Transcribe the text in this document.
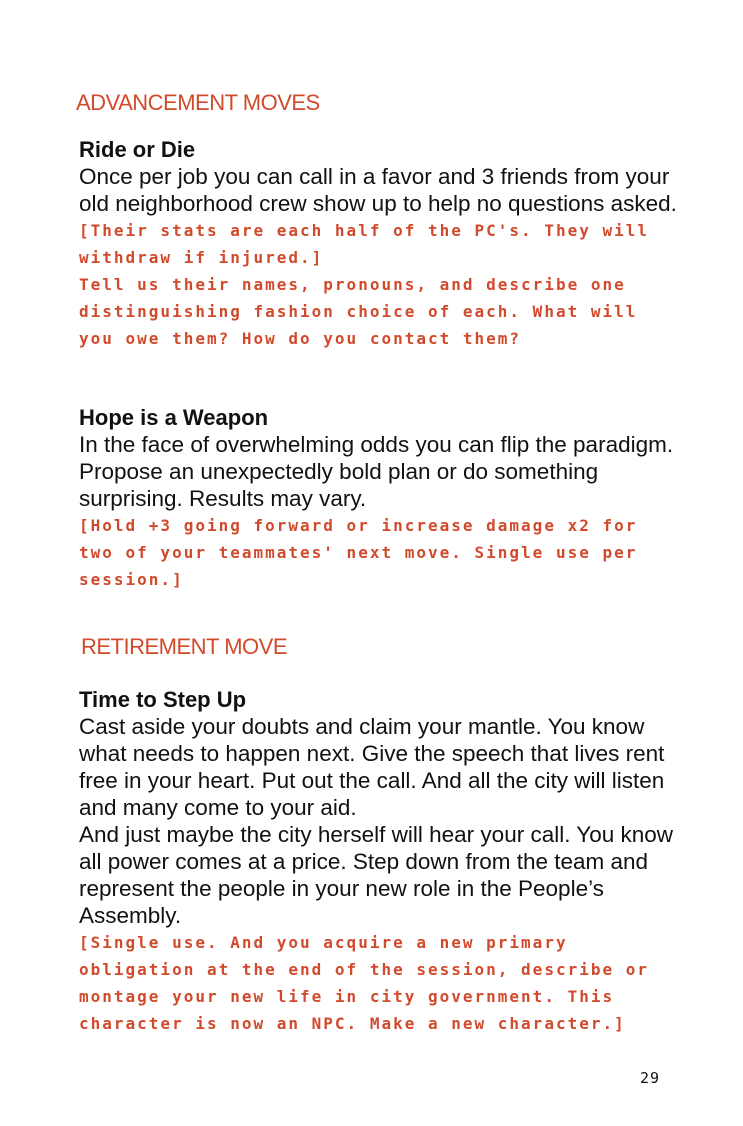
ADVANCEMENT MOVES

Ride or Die

Once per job you can call in a favor and 3 friends from your old neighborhood crew show up to help no questions asked.

[Their stats are each half of the PC's. They will withdraw if injured.]

Tell us their names, pronouns, and describe one distinguishing fashion choice of each. What will you owe them? How do you contact them?

Hope is a Weapon

In the face of overwhelming odds you can flip the paradigm. Propose an unexpectedly bold plan or do something surprising. Results may vary.

[Hold +3 going forward or increase damage x2 for two of your teammates' next move. Single use per session.]

RETIREMENT MOVE

Time to Step Up

Cast aside your doubts and claim your mantle. You know what needs to happen next. Give the speech that lives rent free in your heart. Put out the call. And all the city will listen and many come to your aid.

And just maybe the city herself will hear your call. You know all power comes at a price. Step down from the team and represent the people in your new role in the People’s Assembly.

[Single use. And you acquire a new primary obligation at the end of the session, describe or montage your new life in city government. This character is now an NPC. Make a new character.]

29
